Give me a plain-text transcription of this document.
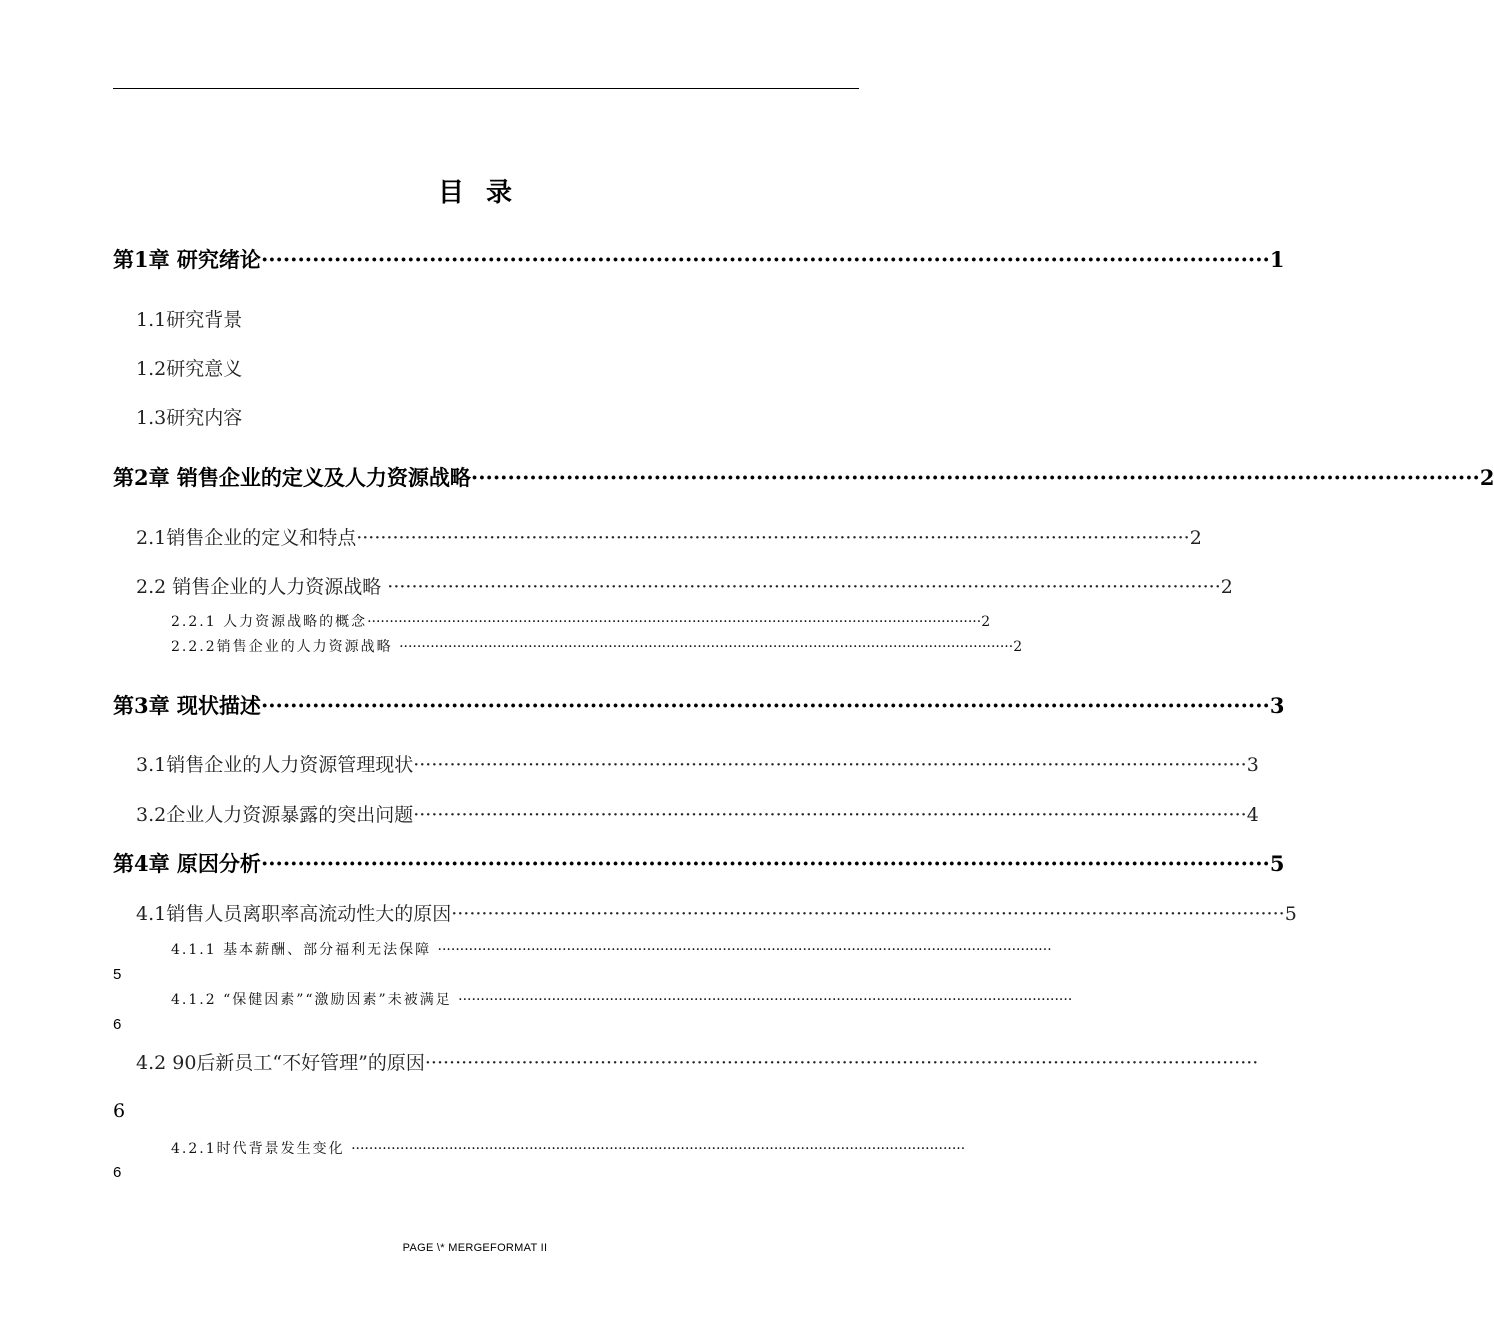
目录
第1章 研究绪论 ·········································································································································· 1
1.1研究背景
1.2研究意义
1.3研究内容
第2章 销售企业的定义及人力资源战略 ·········································································································································· 2
2.1销售企业的定义和特点 ·········································································································································· 2
2.2 销售企业的人力资源战略 ·········································································································································· 2
2.2.1 人力资源战略的概念 ·········································································································································· 2
2.2.2销售企业的人力资源战略 ·········································································································································· 2
第3章 现状描述 ·········································································································································· 3
3.1销售企业的人力资源管理现状 ·········································································································································· 3
3.2企业人力资源暴露的突出问题 ·········································································································································· 4
第4章 原因分析 ·········································································································································· 5
4.1销售人员离职率高流动性大的原因 ·········································································································································· 5
4.1.1 基本薪酬、部分福利无法保障 ··········································································································································
5
4.1.2 “保健因素”“激励因素”未被满足 ··········································································································································
6
4.2 90后新员工“不好管理”的原因 ··········································································································································
6
4.2.1时代背景发生变化 ··········································································································································
6
PAGE \* MERGEFORMAT II
